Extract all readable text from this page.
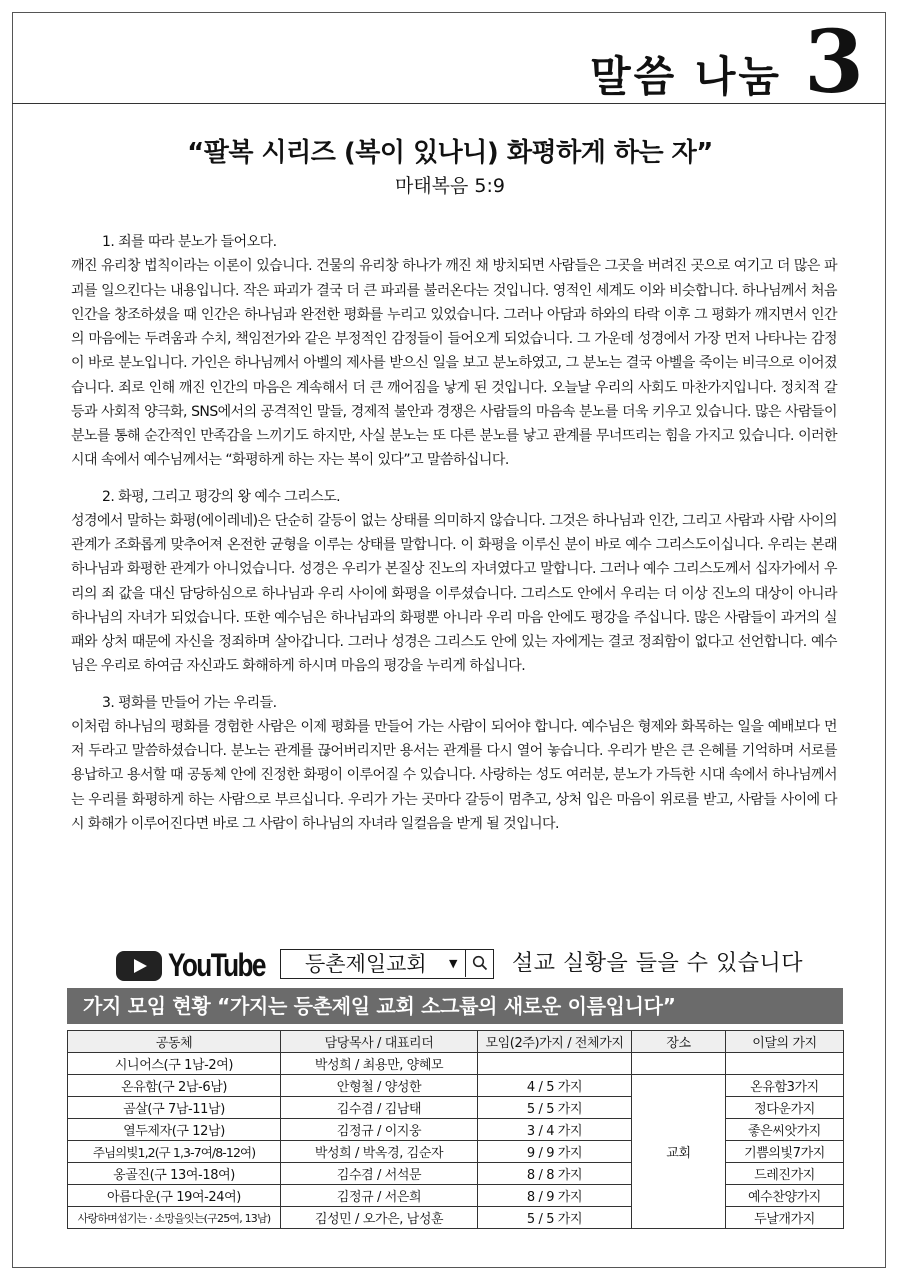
말씀 나눔 3
“팔복 시리즈 (복이 있나니) 화평하게 하는 자”
마태복음 5:9

1. 죄를 따라 분노가 들어오다.

깨진 유리창 법칙이라는 이론이 있습니다. 건물의 유리창 하나가 깨진 채 방치되면 사람들은 그곳을 버려진 곳으로 여기고 더 많은 파괴를 일으킨다는 내용입니다. 작은 파괴가 결국 더 큰 파괴를 불러온다는 것입니다. 영적인 세계도 이와 비슷합니다. 하나님께서 처음 인간을 창조하셨을 때 인간은 하나님과 완전한 평화를 누리고 있었습니다. 그러나 아담과 하와의 타락 이후 그 평화가 깨지면서 인간의 마음에는 두려움과 수치, 책임전가와 같은 부정적인 감정들이 들어오게 되었습니다. 그 가운데 성경에서 가장 먼저 나타나는 감정이 바로 분노입니다. 가인은 하나님께서 아벨의 제사를 받으신 일을 보고 분노하였고, 그 분노는 결국 아벨을 죽이는 비극으로 이어졌습니다. 죄로 인해 깨진 인간의 마음은 계속해서 더 큰 깨어짐을 낳게 된 것입니다. 오늘날 우리의 사회도 마찬가지입니다. 정치적 갈등과 사회적 양극화, SNS에서의 공격적인 말들, 경제적 불안과 경쟁은 사람들의 마음속 분노를 더욱 키우고 있습니다. 많은 사람들이 분노를 통해 순간적인 만족감을 느끼기도 하지만, 사실 분노는 또 다른 분노를 낳고 관계를 무너뜨리는 힘을 가지고 있습니다. 이러한 시대 속에서 예수님께서는 “화평하게 하는 자는 복이 있다”고 말씀하십니다.

2. 화평, 그리고 평강의 왕 예수 그리스도.

성경에서 말하는 화평(에이레네)은 단순히 갈등이 없는 상태를 의미하지 않습니다. 그것은 하나님과 인간, 그리고 사람과 사람 사이의 관계가 조화롭게 맞추어져 온전한 균형을 이루는 상태를 말합니다. 이 화평을 이루신 분이 바로 예수 그리스도이십니다. 우리는 본래 하나님과 화평한 관계가 아니었습니다. 성경은 우리가 본질상 진노의 자녀였다고 말합니다. 그러나 예수 그리스도께서 십자가에서 우리의 죄 값을 대신 담당하심으로 하나님과 우리 사이에 화평을 이루셨습니다. 그리스도 안에서 우리는 더 이상 진노의 대상이 아니라 하나님의 자녀가 되었습니다. 또한 예수님은 하나님과의 화평뿐 아니라 우리 마음 안에도 평강을 주십니다. 많은 사람들이 과거의 실패와 상처 때문에 자신을 정죄하며 살아갑니다. 그러나 성경은 그리스도 안에 있는 자에게는 결코 정죄함이 없다고 선언합니다. 예수님은 우리로 하여금 자신과도 화해하게 하시며 마음의 평강을 누리게 하십니다.

3. 평화를 만들어 가는 우리들.

이처럼 하나님의 평화를 경험한 사람은 이제 평화를 만들어 가는 사람이 되어야 합니다. 예수님은 형제와 화목하는 일을 예배보다 먼저 두라고 말씀하셨습니다. 분노는 관계를 끊어버리지만 용서는 관계를 다시 열어 놓습니다. 우리가 받은 큰 은혜를 기억하며 서로를 용납하고 용서할 때 공동체 안에 진정한 화평이 이루어질 수 있습니다. 사랑하는 성도 여러분, 분노가 가득한 시대 속에서 하나님께서는 우리를 화평하게 하는 사람으로 부르십니다. 우리가 가는 곳마다 갈등이 멈추고, 상처 입은 마음이 위로를 받고, 사람들 사이에 다시 화해가 이루어진다면 바로 그 사람이 하나님의 자녀라 일컬음을 받게 될 것입니다.

YouTube 등촌제일교회 ▼ 설교 실황을 들을 수 있습니다
가지 모임 현황 “가지는 등촌제일 교회 소그룹의 새로운 이름입니다”
공동체	담당목사 / 대표리더	모임(2주)가지 / 전체가지	장소	이달의 가지
시니어스(구 1남-2여)	박성희 / 최용만, 양혜모			
온유함(구 2남-6남)	안형철 / 양성한	4 / 5 가지	교회	온유함3가지
곰살(구 7남-11남)	김수겸 / 김남태	5 / 5 가지		정다운가지
열두제자(구 12남)	김정규 / 이지웅	3 / 4 가지		좋은씨앗가지
주님의빛1,2(구 1,3-7여/8-12여)	박성희 / 박옥경, 김순자	9 / 9 가지		기쁨의빛7가지
옹골진(구 13여-18여)	김수겸 / 서석문	8 / 8 가지		드레진가지
아름다운(구 19여-24여)	김정규 / 서은희	8 / 9 가지		예수찬양가지
사랑하며섬기는 · 소망을잇는(구25여, 13남)	김성민 / 오가은, 남성훈	5 / 5 가지		두날개가지
